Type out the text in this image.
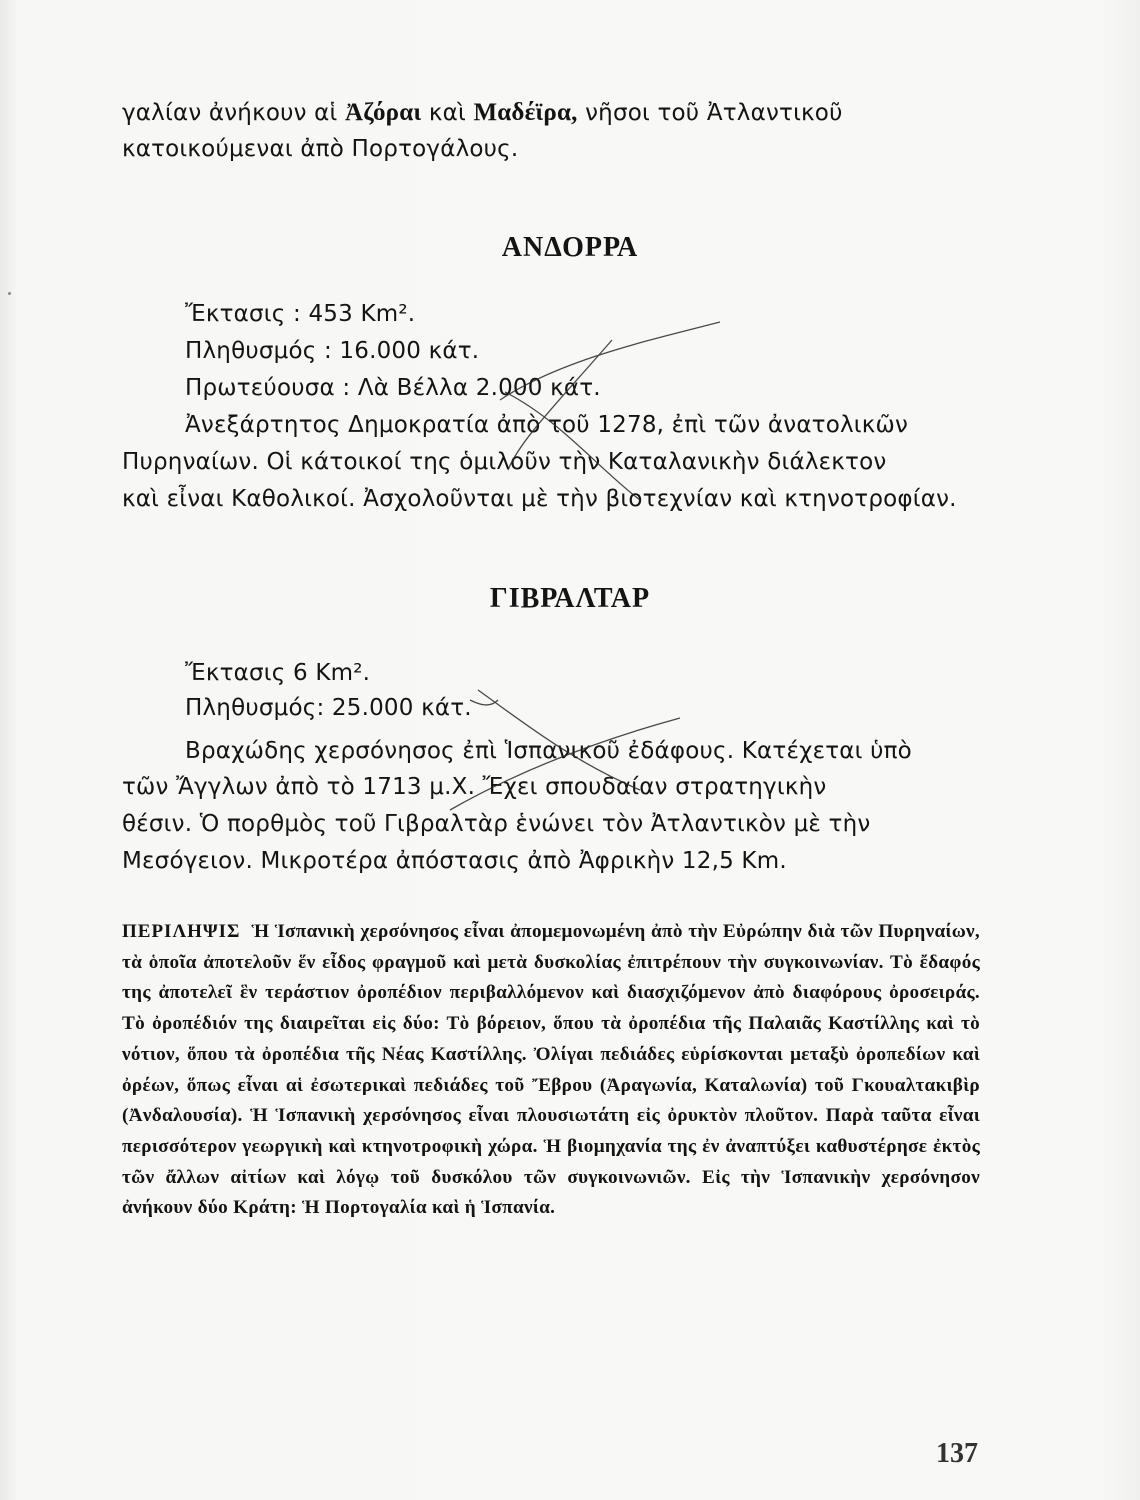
γαλίαν ἀνήκουν αἱ Ἀζόραι καὶ Μαδέϊρα, νῆσοι τοῦ Ἀτλαντικοῦ
κατοικούμεναι ἀπὸ Πορτογάλους.
ΑΝΔΟΡΡΑ
Ἔκτασις : 453 Km².
Πληθυσμός : 16.000 κάτ.
Πρωτεύουσα : Λὰ Βέλλα 2.000 κάτ.
Ἀνεξάρτητος Δημοκρατία ἀπὸ τοῦ 1278, ἐπὶ τῶν ἀνατολικῶν
Πυρηναίων. Οἱ κάτοικοί της ὁμιλοῦν τὴν Καταλανικὴν διάλεκτον
καὶ εἶναι Καθολικοί. Ἀσχολοῦνται μὲ τὴν βιοτεχνίαν καὶ κτηνοτροφίαν.
ΓΙΒΡΑΛΤΑΡ
Ἔκτασις 6 Km².
Πληθυσμός: 25.000 κάτ.
Βραχώδης χερσόνησος ἐπὶ Ἱσπανικοῦ ἐδάφους. Κατέχεται ὑπὸ
τῶν Ἄγγλων ἀπὸ τὸ 1713 μ.Χ. Ἔχει σπουδαίαν στρατηγικὴν
θέσιν. Ὁ πορθμὸς τοῦ Γιβραλτὰρ ἑνώνει τὸν Ἀτλαντικὸν μὲ τὴν
Μεσόγειον. Μικροτέρα ἀπόστασις ἀπὸ Ἀφρικὴν 12,5 Km.
ΠΕΡΙΛΗΨΙΣ Ἡ Ἱσπανικὴ χερσόνησος εἶναι ἀπομεμονωμένη ἀπὸ τὴν Εὐρώπην διὰ τῶν Πυρηναίων, τὰ ὁποῖα ἀποτελοῦν ἕν εἶδος φραγμοῦ καὶ μετὰ δυσκολίας ἐπιτρέπουν τὴν συγκοινωνίαν. Τὸ ἔδαφός της ἀποτελεῖ ἓν τεράστιον ὀροπέδιον περιβαλλόμενον καὶ διασχιζόμενον ἀπὸ διαφόρους ὀροσειράς. Τὸ ὀροπέδιόν της διαιρεῖται εἰς δύο: Τὸ βόρειον, ὅπου τὰ ὀροπέδια τῆς Παλαιᾶς Καστίλλης καὶ τὸ νότιον, ὅπου τὰ ὀροπέδια τῆς Νέας Καστίλλης. Ὀλίγαι πεδιάδες εὑρίσκονται μεταξὺ ὀροπεδίων καὶ ὀρέων, ὅπως εἶναι αἱ ἐσωτερικαὶ πεδιάδες τοῦ Ἔβρου (Ἀραγωνία, Καταλωνία) τοῦ Γκουαλτακιβὶρ (Ἀνδαλουσία). Ἡ Ἱσπανικὴ χερσόνησος εἶναι πλουσιωτάτη εἰς ὀρυκτὸν πλοῦτον. Παρὰ ταῦτα εἶναι περισσότερον γεωργικὴ καὶ κτηνοτροφικὴ χώρα. Ἡ βιομηχανία της ἐν ἀναπτύξει καθυστέρησε ἐκτὸς τῶν ἄλλων αἰτίων καὶ λόγῳ τοῦ δυσκόλου τῶν συγκοινωνιῶν. Εἰς τὴν Ἱσπανικὴν χερσόνησον ἀνήκουν δύο Κράτη: Ἡ Πορτογαλία καὶ ἡ Ἱσπανία.
137
